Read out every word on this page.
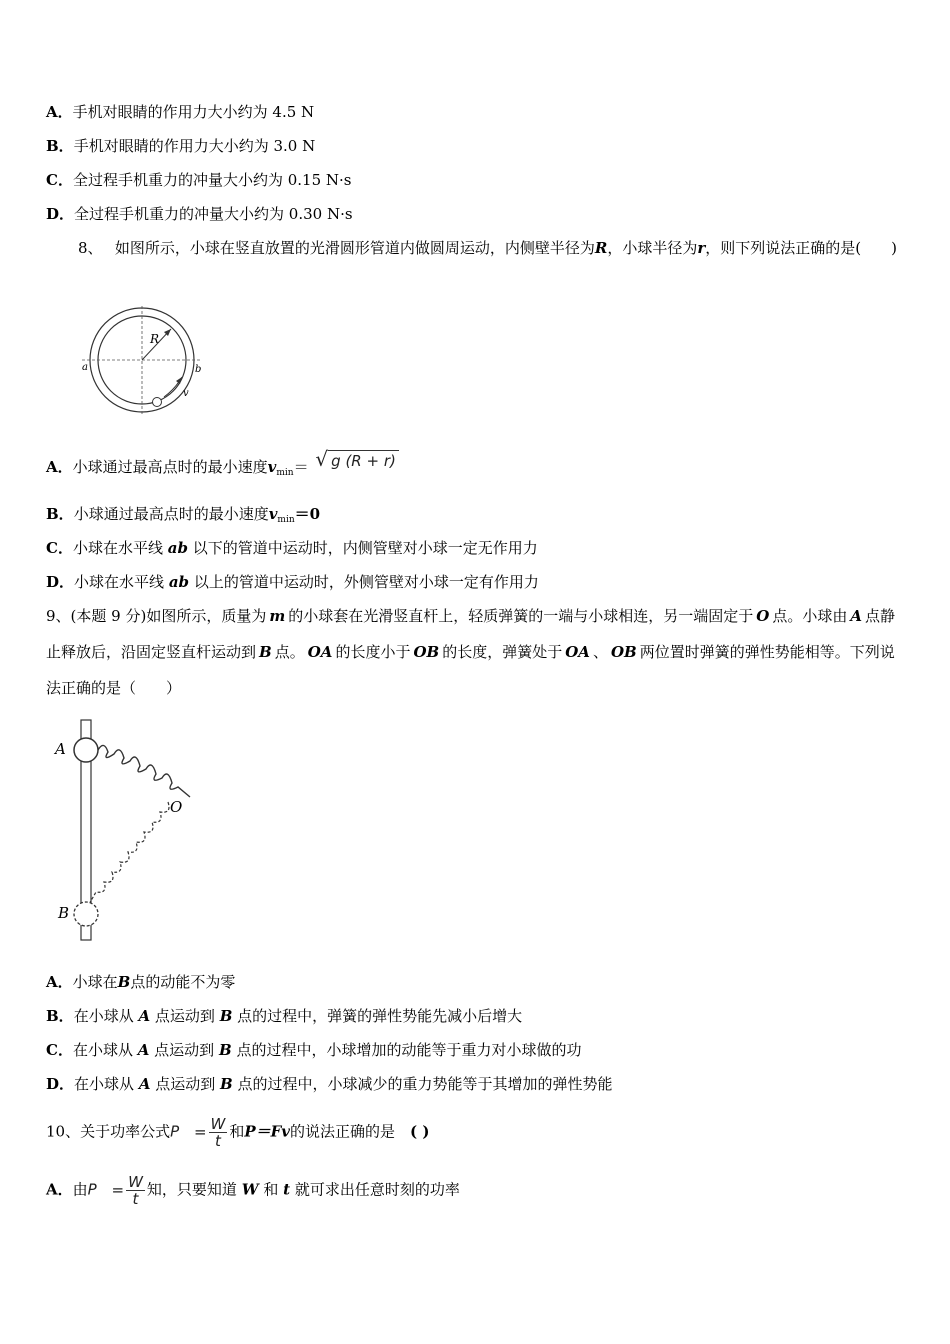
A．手机对眼睛的作用力大小约为 4.5 N
B．手机对眼睛的作用力大小约为 3.0 N
C．全过程手机重力的冲量大小约为 0.15 N·s
D．全过程手机重力的冲量大小约为 0.30 N·s
8、　 如图所示，小球在竖直放置的光滑圆形管道内做圆周运动，内侧壁半径为R，小球半径为r，则下列说法正确的是(　　)
R
a	b
v
A．小球通过最高点时的最小速度$v_{min}=$ √ g (R + r)
B．小球通过最高点时的最小速度$v_{min}=0$
C．小球在水平线 ab 以下的管道中运动时，内侧管壁对小球一定无作用力
D．小球在水平线 ab 以上的管道中运动时，外侧管壁对小球一定有作用力
9、(本题 9 分)如图所示，质量为 m 的小球套在光滑竖直杆上，轻质弹簧的一端与小球相连，另一端固定于 O 点。小球由 A 点静止释放后，沿固定竖直杆运动到 B 点。 OA 的长度小于 OB 的长度，弹簧处于 OA 、 OB 两位置时弹簧的弹性势能相等。下列说法正确的是（　　）
A
O
B
A．小球在B点的动能不为零
B．在小球从 A 点运动到 B 点的过程中，弹簧的弹性势能先减小后增大
C．在小球从 A 点运动到 B 点的过程中，小球增加的动能等于重力对小球做的功
D．在小球从 A 点运动到 B 点的过程中，小球减少的重力势能等于其增加的弹性势能
10、关于功率公式$P = \frac{W}{t}$ 和P＝Fv的说法正确的是　( )
A．由$P = \frac{W}{t}$ 知，只要知道 W 和 t 就可求出任意时刻的功率
